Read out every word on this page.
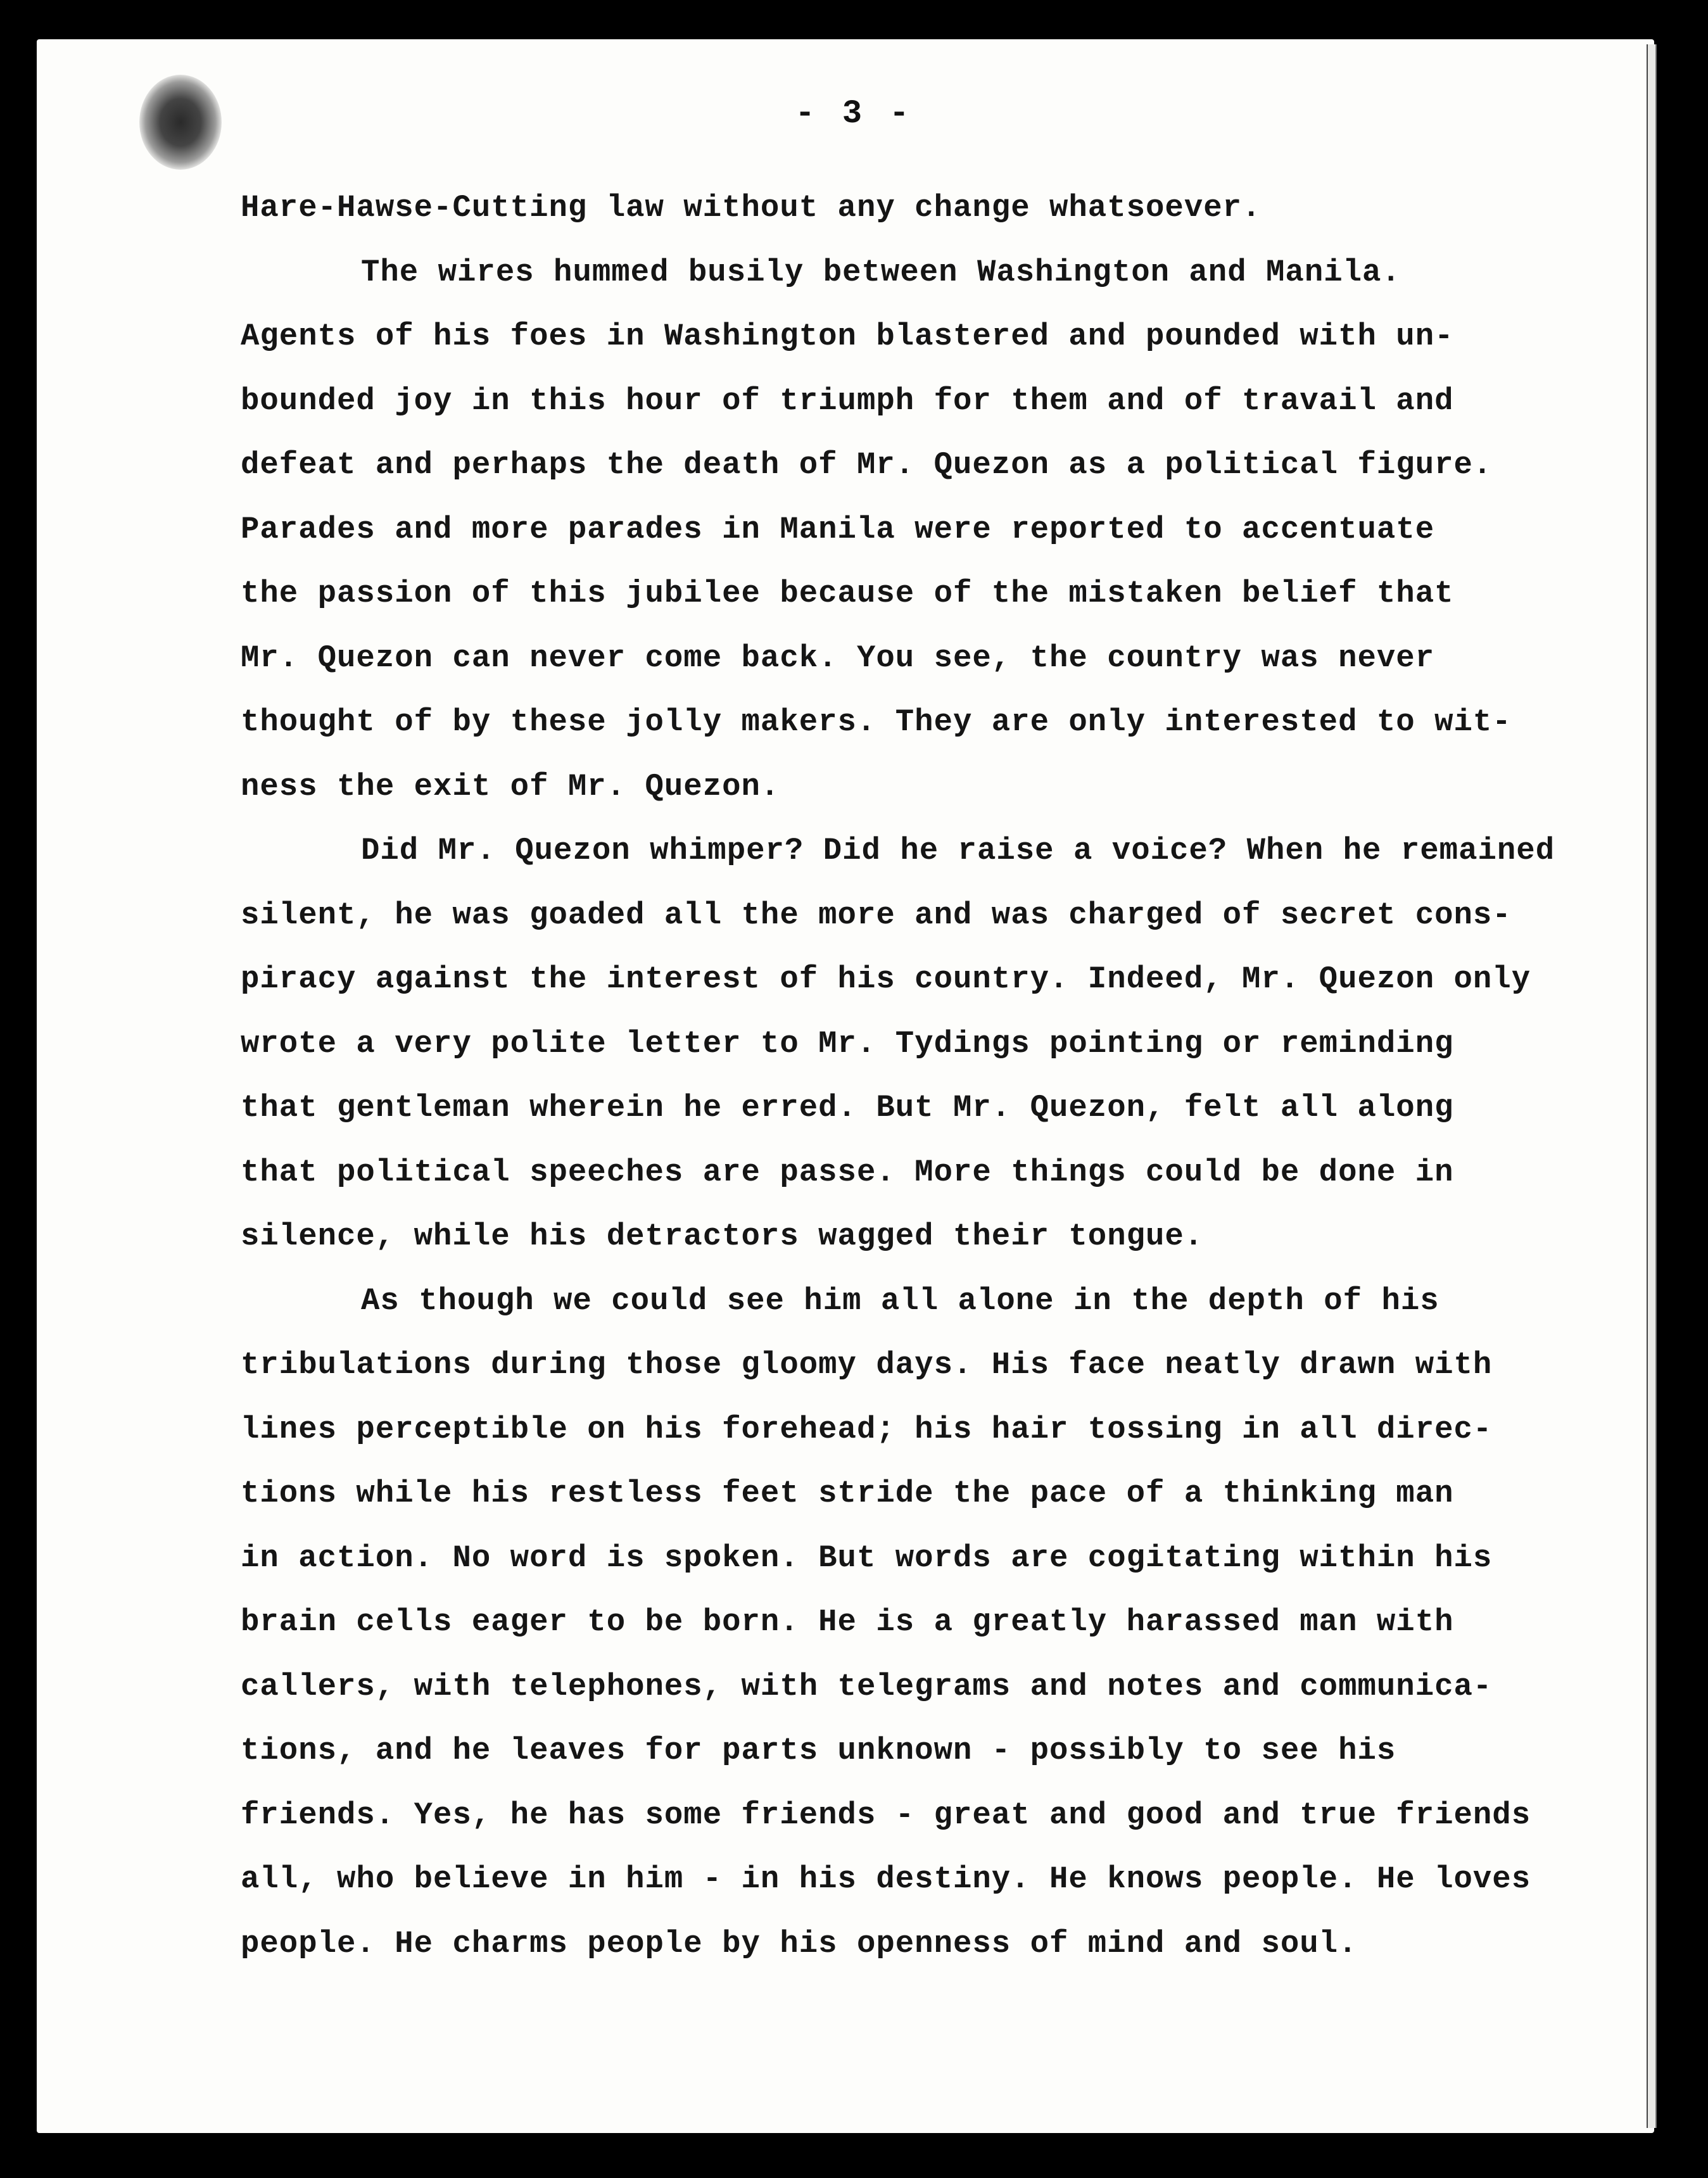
- 3 -
Hare-Hawse-Cutting law without any change whatsoever.
The wires hummed busily between Washington and Manila.
Agents of his foes in Washington blastered and pounded with un-
bounded joy in this hour of triumph for them and of travail and
defeat and perhaps the death of Mr. Quezon as a political figure.
Parades and more parades in Manila were reported to accentuate
the passion of this jubilee because of the mistaken belief that
Mr. Quezon can never come back. You see, the country was never
thought of by these jolly makers. They are only interested to wit-
ness the exit of Mr. Quezon.
Did Mr. Quezon whimper? Did he raise a voice? When he remained
silent, he was goaded all the more and was charged of secret cons-
piracy against the interest of his country. Indeed, Mr. Quezon only
wrote a very polite letter to Mr. Tydings pointing or reminding
that gentleman wherein he erred. But Mr. Quezon, felt all along
that political speeches are passe. More things could be done in
silence, while his detractors wagged their tongue.
As though we could see him all alone in the depth of his
tribulations during those gloomy days. His face neatly drawn with
lines perceptible on his forehead; his hair tossing in all direc-
tions while his restless feet stride the pace of a thinking man
in action. No word is spoken. But words are cogitating within his
brain cells eager to be born. He is a greatly harassed man with
callers, with telephones, with telegrams and notes and communica-
tions, and he leaves for parts unknown - possibly to see his
friends. Yes, he has some friends - great and good and true friends
all, who believe in him - in his destiny. He knows people. He loves
people. He charms people by his openness of mind and soul.
